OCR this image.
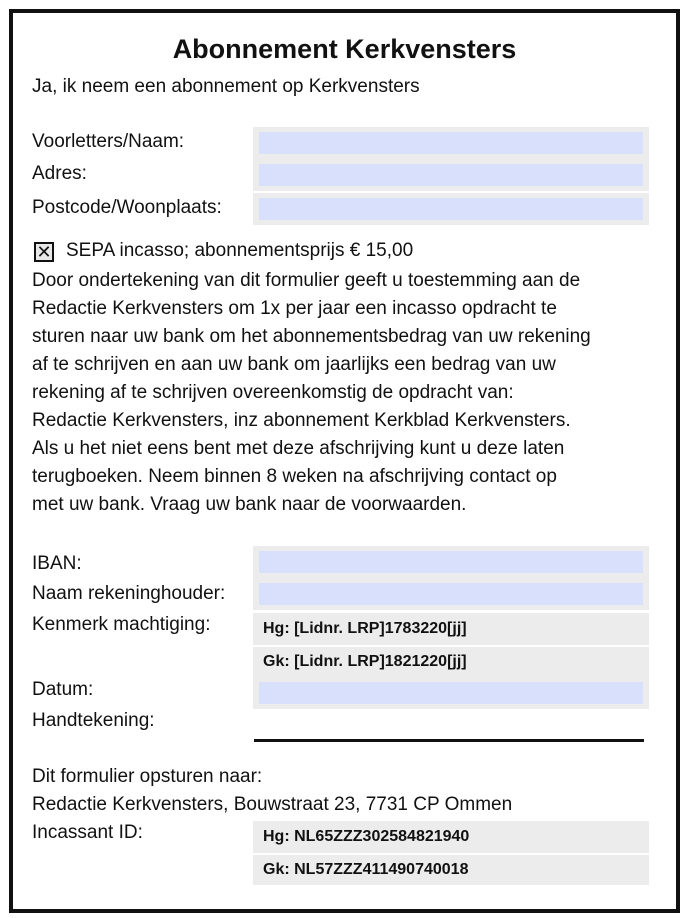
Abonnement Kerkvensters
Ja, ik neem een abonnement op Kerkvensters
Voorletters/Naam:
Adres:
Postcode/Woonplaats:
✕ SEPA incasso; abonnementsprijs € 15,00
Door ondertekening van dit formulier geeft u toestemming aan de
Redactie Kerkvensters om 1x per jaar een incasso opdracht te
sturen naar uw bank om het abonnementsbedrag van uw rekening
af te schrijven en aan uw bank om jaarlijks een bedrag van uw
rekening af te schrijven overeenkomstig de opdracht van:
Redactie Kerkvensters, inz abonnement Kerkblad Kerkvensters.
Als u het niet eens bent met deze afschrijving kunt u deze laten
terugboeken. Neem binnen 8 weken na afschrijving contact op
met uw bank. Vraag uw bank naar de voorwaarden.
IBAN:
Naam rekeninghouder:
Kenmerk machtiging:	Hg: [Lidnr. LRP]1783220[jj]
Gk: [Lidnr. LRP]1821220[jj]
Datum:
Handtekening:
Dit formulier opsturen naar:
Redactie Kerkvensters, Bouwstraat 23, 7731 CP Ommen
Incassant ID:	Hg: NL65ZZZ302584821940
Gk: NL57ZZZ411490740018
